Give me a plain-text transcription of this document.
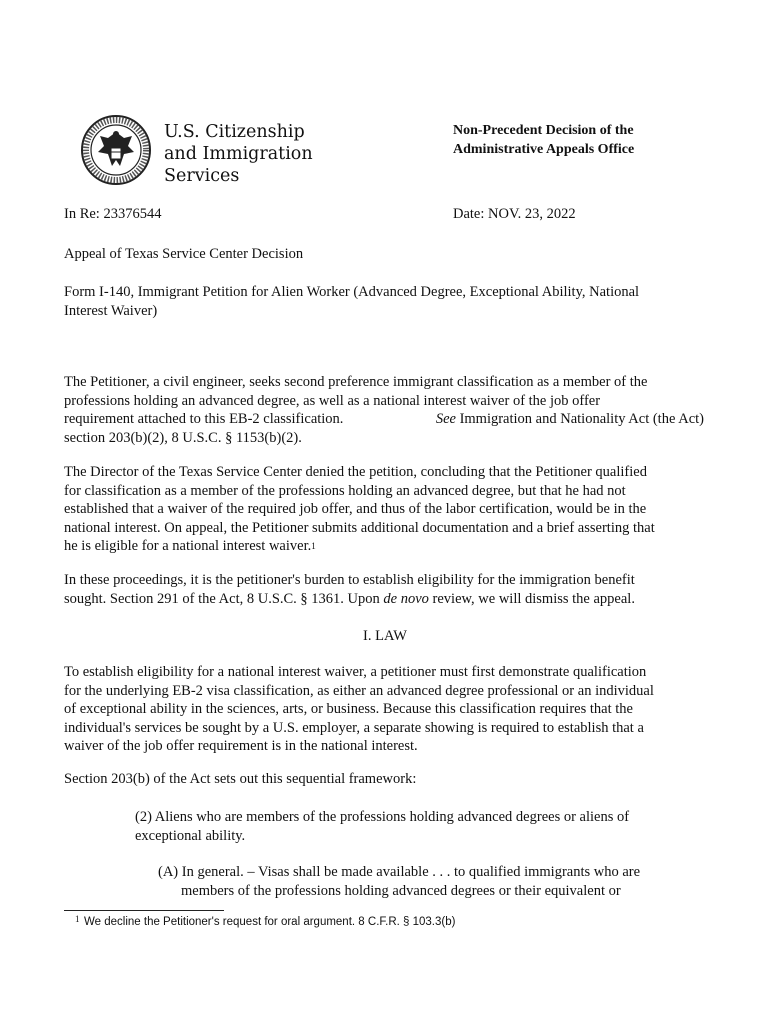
U.S. Citizenship
and Immigration
Services
Non-Precedent Decision of the
Administrative Appeals Office
In Re: 23376544	Date: NOV. 23, 2022
Appeal of Texas Service Center Decision
Form I-140, Immigrant Petition for Alien Worker (Advanced Degree, Exceptional Ability, National
Interest Waiver)
The Petitioner, a civil engineer, seeks second preference immigrant classification as a member of the
professions holding an advanced degree, as well as a national interest waiver of the job offer
requirement attached to this EB-2 classification.	See Immigration and Nationality Act (the Act)
section 203(b)(2), 8 U.S.C. § 1153(b)(2).
The Director of the Texas Service Center denied the petition, concluding that the Petitioner qualified
for classification as a member of the professions holding an advanced degree, but that he had not
established that a waiver of the required job offer, and thus of the labor certification, would be in the
national interest. On appeal, the Petitioner submits additional documentation and a brief asserting that
he is eligible for a national interest waiver. 1
In these proceedings, it is the petitioner's burden to establish eligibility for the immigration benefit
sought. Section 291 of the Act, 8 U.S.C. § 1361. Upon de novo review, we will dismiss the appeal.
I. LAW
To establish eligibility for a national interest waiver, a petitioner must first demonstrate qualification
for the underlying EB-2 visa classification, as either an advanced degree professional or an individual
of exceptional ability in the sciences, arts, or business. Because this classification requires that the
individual's services be sought by a U.S. employer, a separate showing is required to establish that a
waiver of the job offer requirement is in the national interest.
Section 203(b) of the Act sets out this sequential framework:
(2) Aliens who are members of the professions holding advanced degrees or aliens of
exceptional ability.
(A) In general. – Visas shall be made available . . . to qualified immigrants who are
members of the professions holding advanced degrees or their equivalent or
1 We decline the Petitioner's request for oral argument. 8 C.F.R. § 103.3(b)
